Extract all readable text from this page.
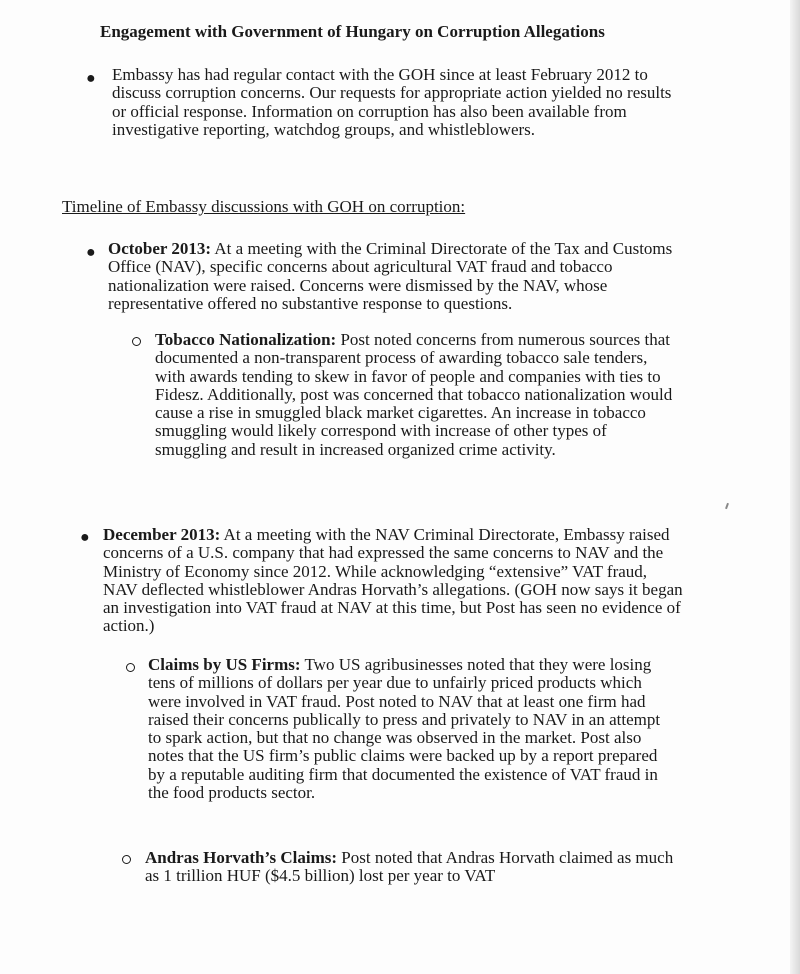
Engagement with Government of Hungary on Corruption Allegations
● Embassy has had regular contact with the GOH since at least February 2012 to discuss corruption concerns. Our requests for appropriate action yielded no results or official response. Information on corruption has also been available from investigative reporting, watchdog groups, and whistleblowers.

Timeline of Embassy discussions with GOH on corruption:

● October 2013: At a meeting with the Criminal Directorate of the Tax and Customs Office (NAV), specific concerns about agricultural VAT fraud and tobacco nationalization were raised. Concerns were dismissed by the NAV, whose representative offered no substantive response to questions.

Tobacco Nationalization: Post noted concerns from numerous sources that documented a non-transparent process of awarding tobacco sale tenders, with awards tending to skew in favor of people and companies with ties to Fidesz. Additionally, post was concerned that tobacco nationalization would cause a rise in smuggled black market cigarettes. An increase in tobacco smuggling would likely correspond with increase of other types of smuggling and result in increased organized crime activity.

● December 2013: At a meeting with the NAV Criminal Directorate, Embassy raised concerns of a U.S. company that had expressed the same concerns to NAV and the Ministry of Economy since 2012. While acknowledging “extensive” VAT fraud, NAV deflected whistleblower Andras Horvath’s allegations. (GOH now says it began an investigation into VAT fraud at NAV at this time, but Post has seen no evidence of action.)

Claims by US Firms: Two US agribusinesses noted that they were losing tens of millions of dollars per year due to unfairly priced products which were involved in VAT fraud. Post noted to NAV that at least one firm had raised their concerns publically to press and privately to NAV in an attempt to spark action, but that no change was observed in the market. Post also notes that the US firm’s public claims were backed up by a report prepared by a reputable auditing firm that documented the existence of VAT fraud in the food products sector.

Andras Horvath’s Claims: Post noted that Andras Horvath claimed as much as 1 trillion HUF ($4.5 billion) lost per year to VAT
